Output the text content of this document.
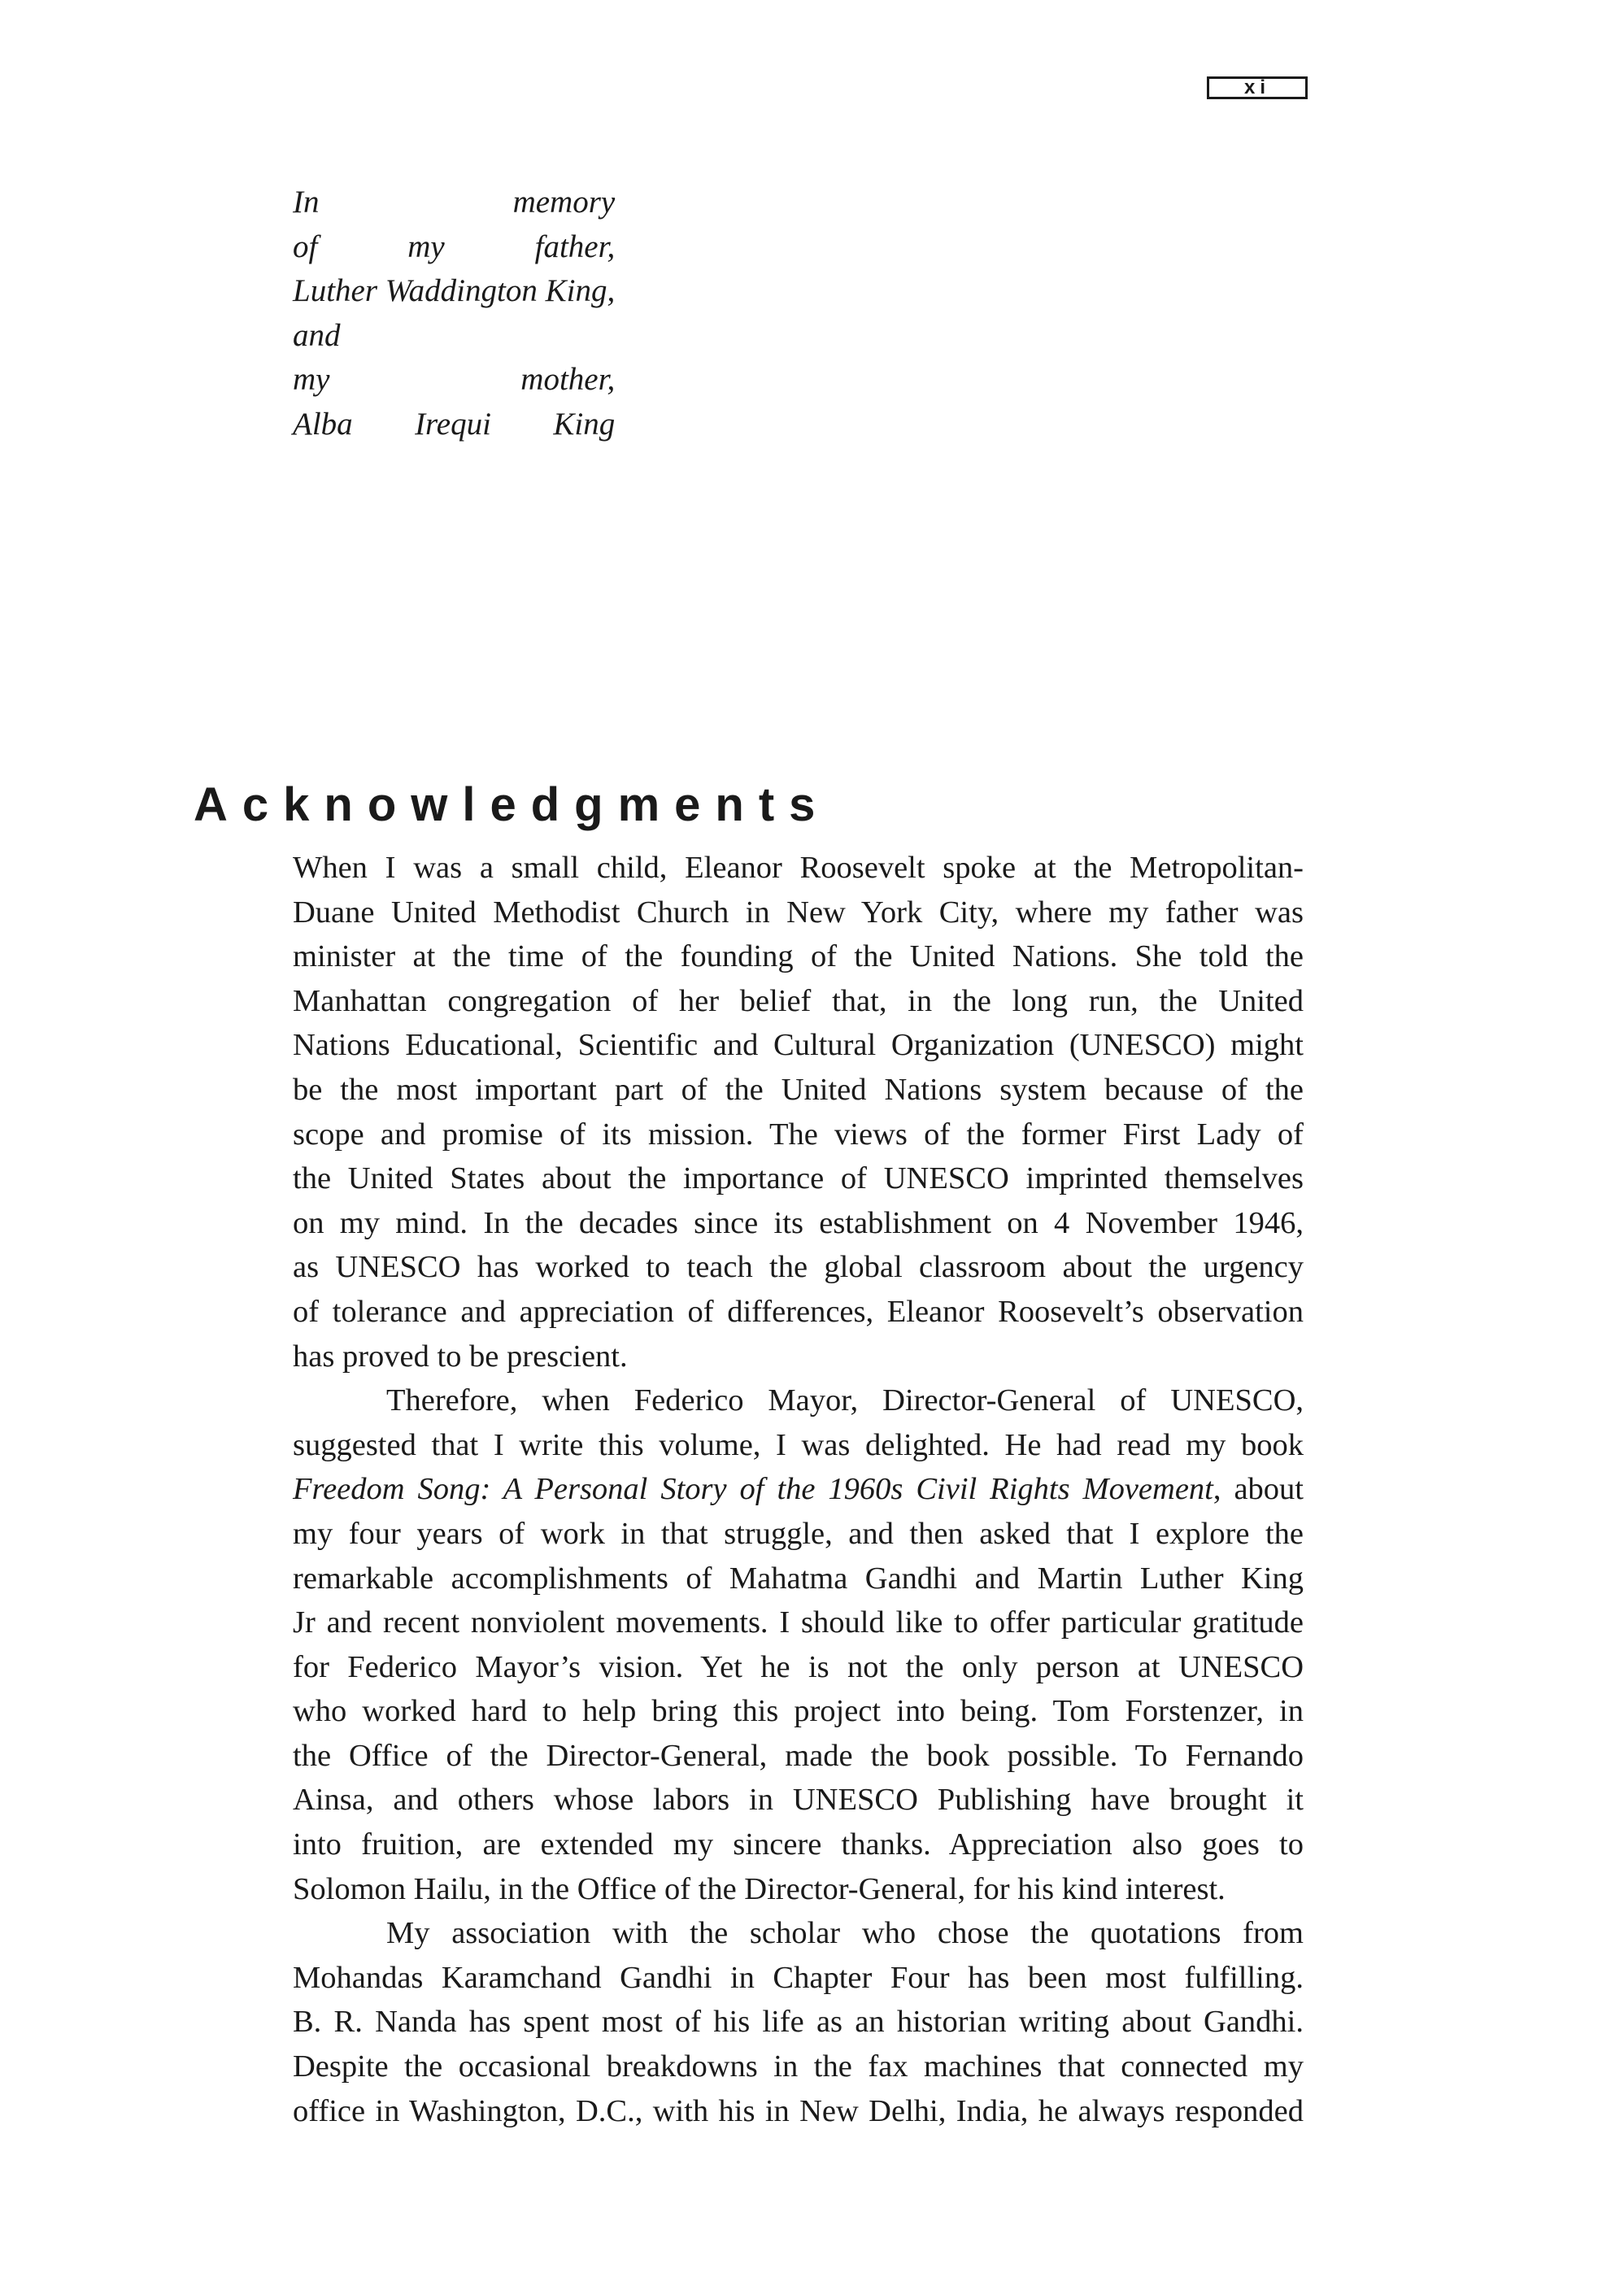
xi
In memory
of my father,
Luther Waddington King,
and
my mother,
Alba Irequi King
Acknowledgments
When I was a small child, Eleanor Roosevelt spoke at the Metropolitan-
Duane United Methodist Church in New York City, where my father was
minister at the time of the founding of the United Nations. She told the
Manhattan congregation of her belief that, in the long run, the United
Nations Educational, Scientific and Cultural Organization (UNESCO) might
be the most important part of the United Nations system because of the
scope and promise of its mission. The views of the former First Lady of
the United States about the importance of UNESCO imprinted themselves
on my mind. In the decades since its establishment on 4 November 1946,
as UNESCO has worked to teach the global classroom about the urgency
of tolerance and appreciation of differences, Eleanor Roosevelt’s observation
has proved to be prescient.
Therefore, when Federico Mayor, Director-General of UNESCO,
suggested that I write this volume, I was delighted. He had read my book
Freedom Song: A Personal Story of the 1960s Civil Rights Movement, about
my four years of work in that struggle, and then asked that I explore the
remarkable accomplishments of Mahatma Gandhi and Martin Luther King
Jr and recent nonviolent movements. I should like to offer particular gratitude
for Federico Mayor’s vision. Yet he is not the only person at UNESCO
who worked hard to help bring this project into being. Tom Forstenzer, in
the Office of the Director-General, made the book possible. To Fernando
Ainsa, and others whose labors in UNESCO Publishing have brought it
into fruition, are extended my sincere thanks. Appreciation also goes to
Solomon Hailu, in the Office of the Director-General, for his kind interest.
My association with the scholar who chose the quotations from
Mohandas Karamchand Gandhi in Chapter Four has been most fulfilling.
B. R. Nanda has spent most of his life as an historian writing about Gandhi.
Despite the occasional breakdowns in the fax machines that connected my
office in Washington, D.C., with his in New Delhi, India, he always responded
